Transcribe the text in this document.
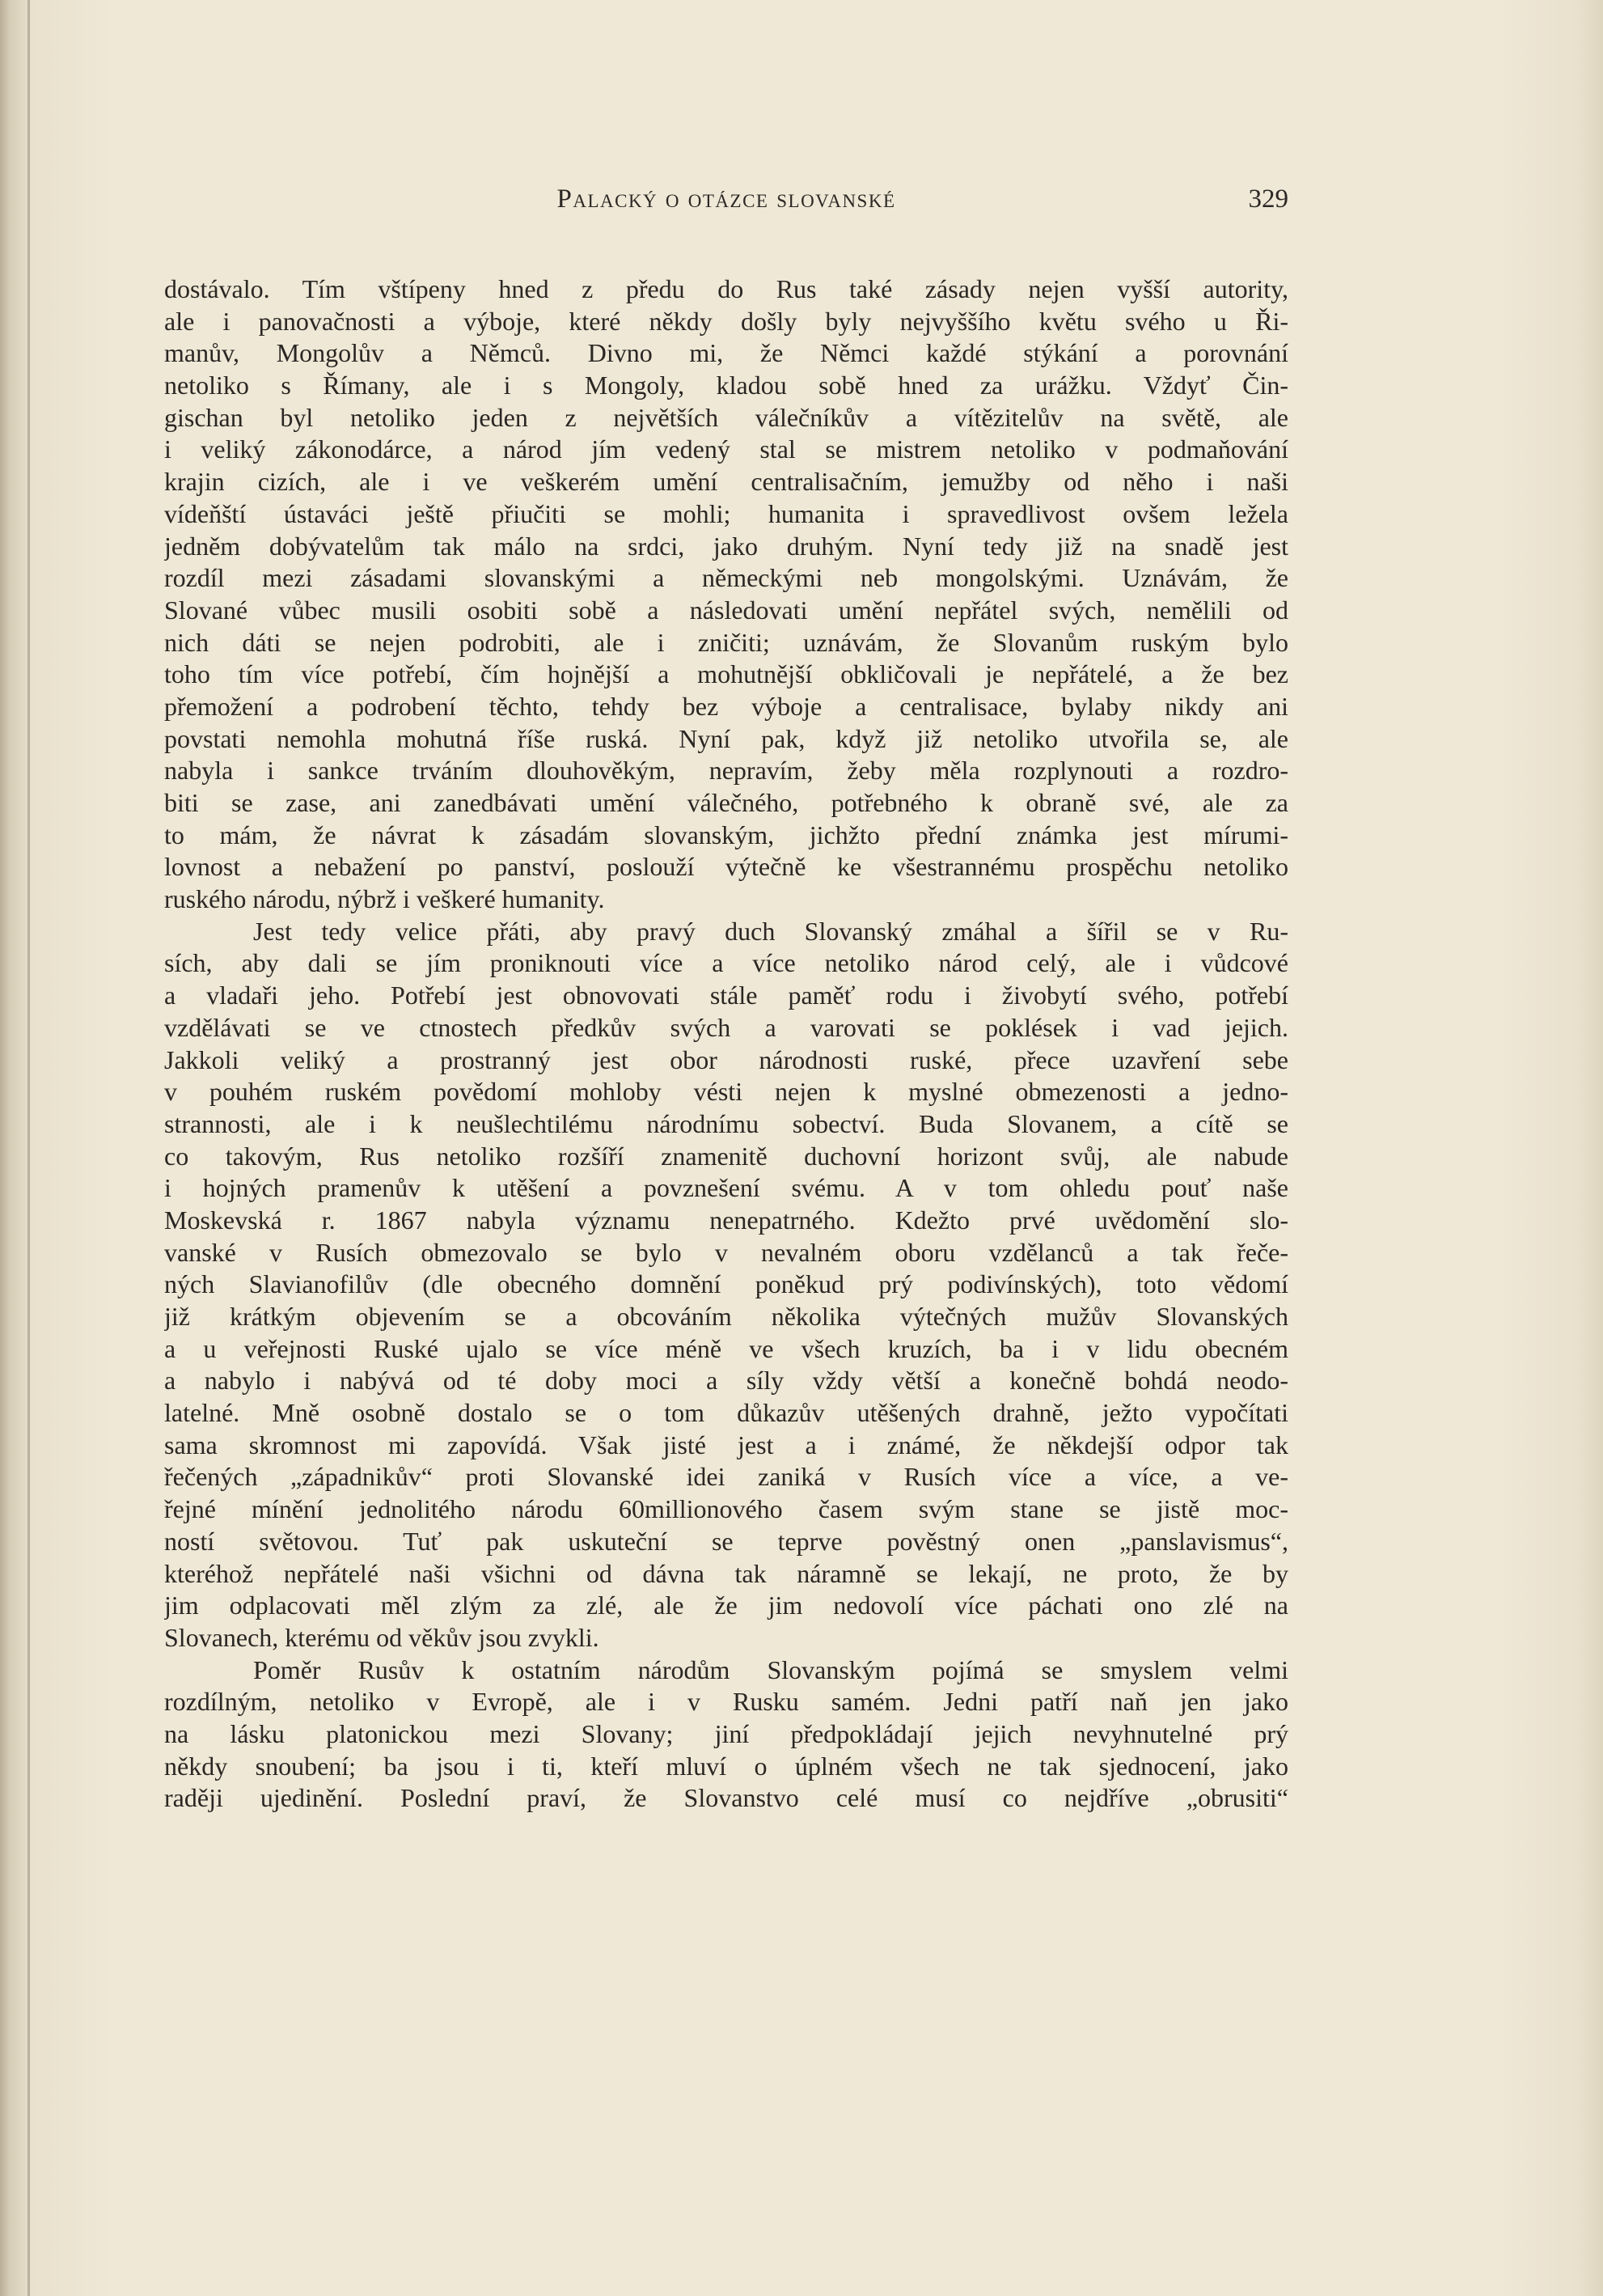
Palacký o otázce slovanské	329
dostávalo. Tím vštípeny hned z předu do Rus také zásady nejen vyšší autority,
ale i panovačnosti a výboje, které někdy došly byly nejvyššího květu svého u Ři-
manův, Mongolův a Němců. Divno mi, že Němci každé stýkání a porovnání
netoliko s Římany, ale i s Mongoly, kladou sobě hned za urážku. Vždyť Čin-
gischan byl netoliko jeden z největších válečníkův a vítězitelův na světě, ale
i veliký zákonodárce, a národ jím vedený stal se mistrem netoliko v podmaňování
krajin cizích, ale i ve veškerém umění centralisačním, jemužby od něho i naši
vídeňští ústaváci ještě přiučiti se mohli; humanita i spravedlivost ovšem ležela
jedněm dobývatelům tak málo na srdci, jako druhým. Nyní tedy již na snadě jest
rozdíl mezi zásadami slovanskými a německými neb mongolskými. Uznávám, že
Slované vůbec musili osobiti sobě a následovati umění nepřátel svých, nemělili od
nich dáti se nejen podrobiti, ale i zničiti; uznávám, že Slovanům ruským bylo
toho tím více potřebí, čím hojnější a mohutnější obkličovali je nepřátelé, a že bez
přemožení a podrobení těchto, tehdy bez výboje a centralisace, bylaby nikdy ani
povstati nemohla mohutná říše ruská. Nyní pak, když již netoliko utvořila se, ale
nabyla i sankce trváním dlouhověkým, nepravím, žeby měla rozplynouti a rozdro-
biti se zase, ani zanedbávati umění válečného, potřebného k obraně své, ale za
to mám, že návrat k zásadám slovanským, jichžto přední známka jest mírumi-
lovnost a nebažení po panství, poslouží výtečně ke všestrannému prospěchu netoliko
ruského národu, nýbrž i veškeré humanity.
Jest tedy velice přáti, aby pravý duch Slovanský zmáhal a šířil se v Ru-
sích, aby dali se jím proniknouti více a více netoliko národ celý, ale i vůdcové
a vladaři jeho. Potřebí jest obnovovati stále paměť rodu i živobytí svého, potřebí
vzdělávati se ve ctnostech předkův svých a varovati se poklések i vad jejich.
Jakkoli veliký a prostranný jest obor národnosti ruské, přece uzavření sebe
v pouhém ruském povědomí mohloby vésti nejen k myslné obmezenosti a jedno-
strannosti, ale i k neušlechtilému národnímu sobectví. Buda Slovanem, a cítě se
co takovým, Rus netoliko rozšíří znamenitě duchovní horizont svůj, ale nabude
i hojných pramenův k utěšení a povznešení svému. A v tom ohledu pouť naše
Moskevská r. 1867 nabyla významu nenepatrného. Kdežto prvé uvědomění slo-
vanské v Rusích obmezovalo se bylo v nevalném oboru vzdělanců a tak řeče-
ných Slavianofilův (dle obecného domnění poněkud prý podivínských), toto vědomí
již krátkým objevením se a obcováním několika výtečných mužův Slovanských
a u veřejnosti Ruské ujalo se více méně ve všech kruzích, ba i v lidu obecném
a nabylo i nabývá od té doby moci a síly vždy větší a konečně bohdá neodo-
latelné. Mně osobně dostalo se o tom důkazův utěšených drahně, ježto vypočítati
sama skromnost mi zapovídá. Však jisté jest a i známé, že někdejší odpor tak
řečených „západnikův“ proti Slovanské idei zaniká v Rusích více a více, a ve-
řejné mínění jednolitého národu 60millionového časem svým stane se jistě moc-
ností světovou. Tuť pak uskuteční se teprve pověstný onen „panslavismus“,
kteréhož nepřátelé naši všichni od dávna tak náramně se lekají, ne proto, že by
jim odplacovati měl zlým za zlé, ale že jim nedovolí více páchati ono zlé na
Slovanech, kterému od věkův jsou zvykli.
Poměr Rusův k ostatním národům Slovanským pojímá se smyslem velmi
rozdílným, netoliko v Evropě, ale i v Rusku samém. Jedni patří naň jen jako
na lásku platonickou mezi Slovany; jiní předpokládají jejich nevyhnutelné prý
někdy snoubení; ba jsou i ti, kteří mluví o úplném všech ne tak sjednocení, jako
raději ujedinění. Poslední praví, že Slovanstvo celé musí co nejdříve „obrusiti“
